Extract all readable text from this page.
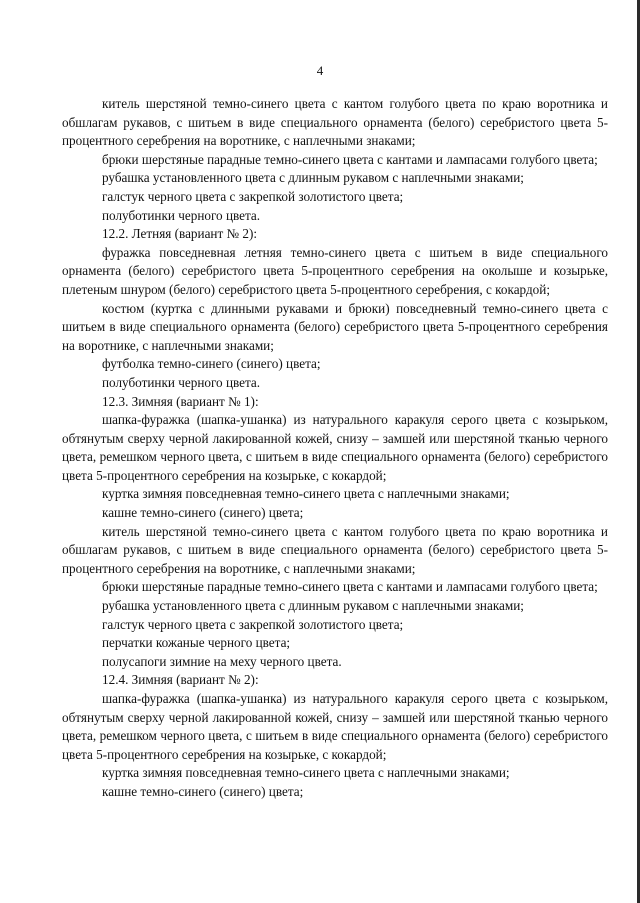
4

китель шерстяной темно-синего цвета с кантом голубого цвета по краю воротника и обшлагам рукавов, с шитьем в виде специального орнамента (белого) серебристого цвета 5-процентного серебрения на воротнике, с наплечными знаками;

брюки шерстяные парадные темно-синего цвета с кантами и лампасами голубого цвета;

рубашка установленного цвета с длинным рукавом с наплечными знаками;

галстук черного цвета с закрепкой золотистого цвета;

полуботинки черного цвета.

12.2. Летняя (вариант № 2):

фуражка повседневная летняя темно-синего цвета с шитьем в виде специального орнамента (белого) серебристого цвета 5-процентного серебрения на околыше и козырьке, плетеным шнуром (белого) серебристого цвета 5-процентного серебрения, с кокардой;

костюм (куртка с длинными рукавами и брюки) повседневный темно-синего цвета с шитьем в виде специального орнамента (белого) серебристого цвета 5-процентного серебрения на воротнике, с наплечными знаками;

футболка темно-синего (синего) цвета;

полуботинки черного цвета.

12.3. Зимняя (вариант № 1):

шапка-фуражка (шапка-ушанка) из натурального каракуля серого цвета с козырьком, обтянутым сверху черной лакированной кожей, снизу – замшей или шерстяной тканью черного цвета, ремешком черного цвета, с шитьем в виде специального орнамента (белого) серебристого цвета 5-процентного серебрения на козырьке, с кокардой;

куртка зимняя повседневная темно-синего цвета с наплечными знаками;

кашне темно-синего (синего) цвета;

китель шерстяной темно-синего цвета с кантом голубого цвета по краю воротника и обшлагам рукавов, с шитьем в виде специального орнамента (белого) серебристого цвета 5-процентного серебрения на воротнике, с наплечными знаками;

брюки шерстяные парадные темно-синего цвета с кантами и лампасами голубого цвета;

рубашка установленного цвета с длинным рукавом с наплечными знаками;

галстук черного цвета с закрепкой золотистого цвета;

перчатки кожаные черного цвета;

полусапоги зимние на меху черного цвета.

12.4. Зимняя (вариант № 2):

шапка-фуражка (шапка-ушанка) из натурального каракуля серого цвета с козырьком, обтянутым сверху черной лакированной кожей, снизу – замшей или шерстяной тканью черного цвета, ремешком черного цвета, с шитьем в виде специального орнамента (белого) серебристого цвета 5-процентного серебрения на козырьке, с кокардой;

куртка зимняя повседневная темно-синего цвета с наплечными знаками;

кашне темно-синего (синего) цвета;
